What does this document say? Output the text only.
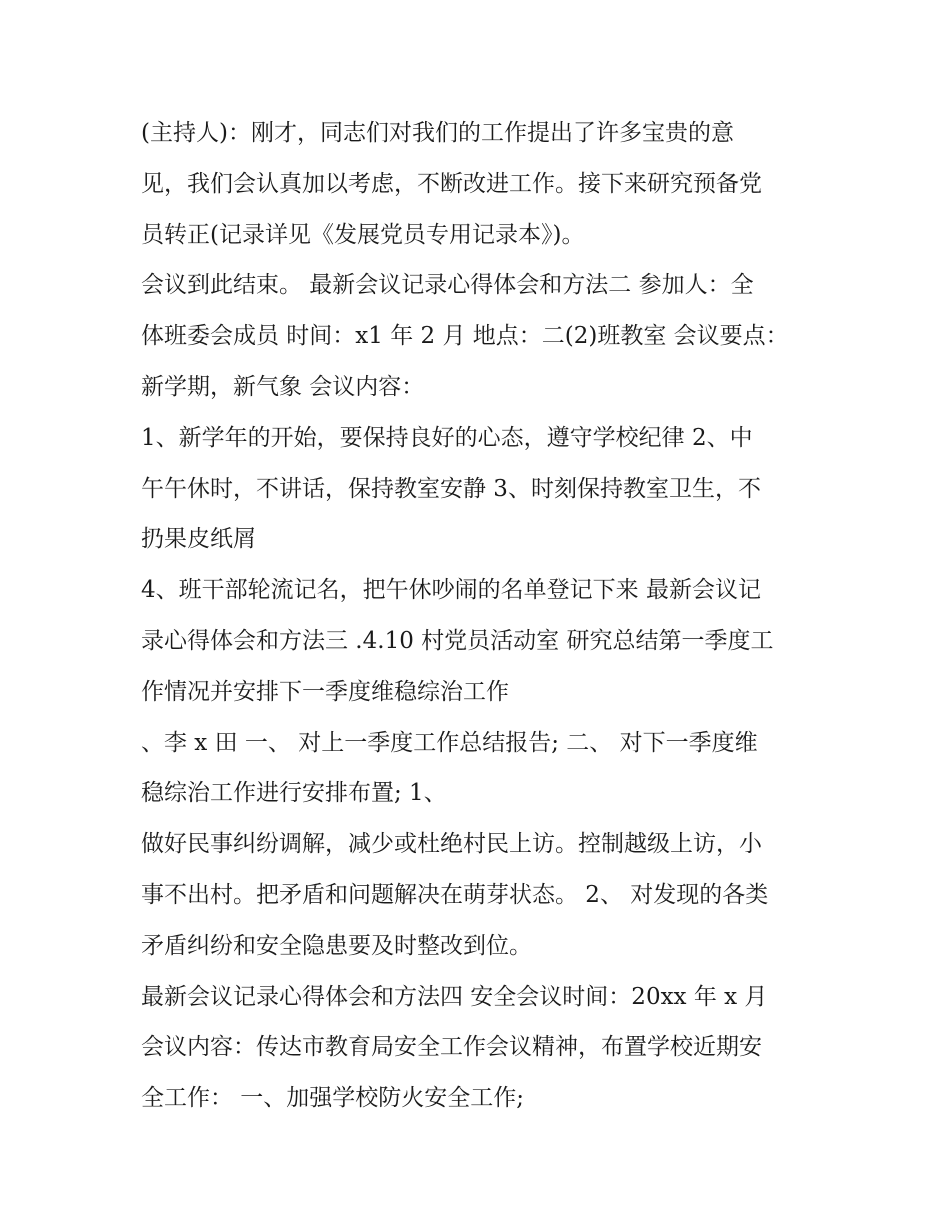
(主持人)：刚才，同志们对我们的工作提出了许多宝贵的意
见，我们会认真加以考虑，不断改进工作。接下来研究预备党
员转正(记录详见《发展党员专用记录本》)。
会议到此结束。 最新会议记录心得体会和方法二 参加人：全
体班委会成员 时间：x1 年 2 月 地点：二(2)班教室 会议要点：
新学期，新气象 会议内容：
1、新学年的开始，要保持良好的心态，遵守学校纪律 2、中
午午休时，不讲话，保持教室安静 3、时刻保持教室卫生，不
扔果皮纸屑
4、班干部轮流记名，把午休吵闹的名单登记下来 最新会议记
录心得体会和方法三 .4.10 村党员活动室 研究总结第一季度工
作情况并安排下一季度维稳综治工作
、李 x 田 一、 对上一季度工作总结报告; 二、 对下一季度维
稳综治工作进行安排布置; 1、
做好民事纠纷调解，减少或杜绝村民上访。控制越级上访，小
事不出村。把矛盾和问题解决在萌芽状态。 2、 对发现的各类
矛盾纠纷和安全隐患要及时整改到位。
最新会议记录心得体会和方法四 安全会议时间：20xx 年 x 月
会议内容：传达市教育局安全工作会议精神，布置学校近期安
全工作： 一、加强学校防火安全工作;
